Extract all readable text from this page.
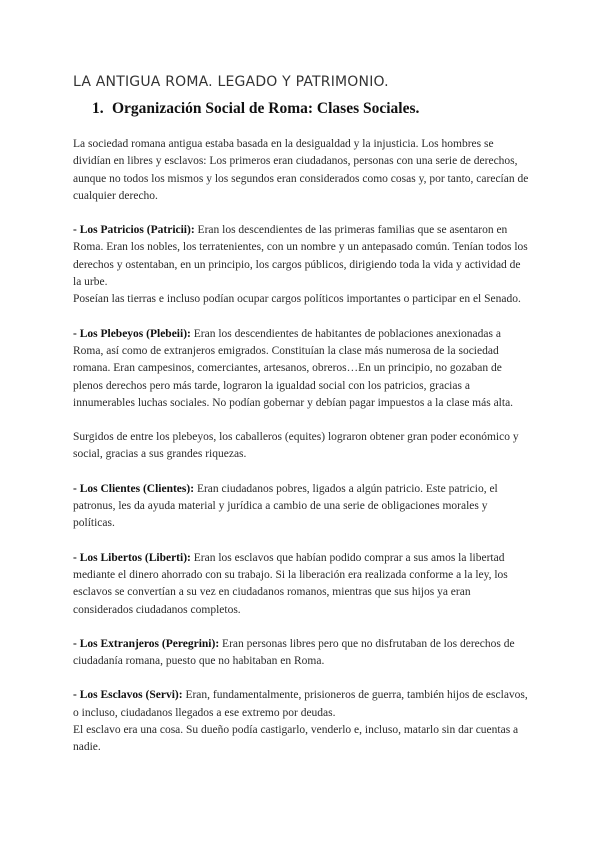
LA ANTIGUA ROMA. LEGADO Y PATRIMONIO.
1. Organización Social de Roma: Clases Sociales.

La sociedad romana antigua estaba basada en la desigualdad y la injusticia. Los hombres se dividían en libres y esclavos: Los primeros eran ciudadanos, personas con una serie de derechos, aunque no todos los mismos y los segundos eran considerados como cosas y, por tanto, carecían de cualquier derecho.

- Los Patricios (Patricii): Eran los descendientes de las primeras familias que se asentaron en Roma. Eran los nobles, los terratenientes, con un nombre y un antepasado común. Tenían todos los derechos y ostentaban, en un principio, los cargos públicos, dirigiendo toda la vida y actividad de la urbe.

Poseían las tierras e incluso podían ocupar cargos políticos importantes o participar en el Senado.

- Los Plebeyos (Plebeii): Eran los descendientes de habitantes de poblaciones anexionadas a Roma, así como de extranjeros emigrados. Constituían la clase más numerosa de la sociedad romana. Eran campesinos, comerciantes, artesanos, obreros…En un principio, no gozaban de plenos derechos pero más tarde, lograron la igualdad social con los patricios, gracias a innumerables luchas sociales. No podían gobernar y debían pagar impuestos a la clase más alta.

Surgidos de entre los plebeyos, los caballeros (equites) lograron obtener gran poder económico y social, gracias a sus grandes riquezas.

- Los Clientes (Clientes): Eran ciudadanos pobres, ligados a algún patricio. Este patricio, el patronus, les da ayuda material y jurídica a cambio de una serie de obligaciones morales y políticas.

- Los Libertos (Liberti): Eran los esclavos que habían podido comprar a sus amos la libertad mediante el dinero ahorrado con su trabajo. Si la liberación era realizada conforme a la ley, los esclavos se convertían a su vez en ciudadanos romanos, mientras que sus hijos ya eran considerados ciudadanos completos.

- Los Extranjeros (Peregrini): Eran personas libres pero que no disfrutaban de los derechos de ciudadanía romana, puesto que no habitaban en Roma.

- Los Esclavos (Servi): Eran, fundamentalmente, prisioneros de guerra, también hijos de esclavos, o incluso, ciudadanos llegados a ese extremo por deudas.

El esclavo era una cosa. Su dueño podía castigarlo, venderlo e, incluso, matarlo sin dar cuentas a nadie.
